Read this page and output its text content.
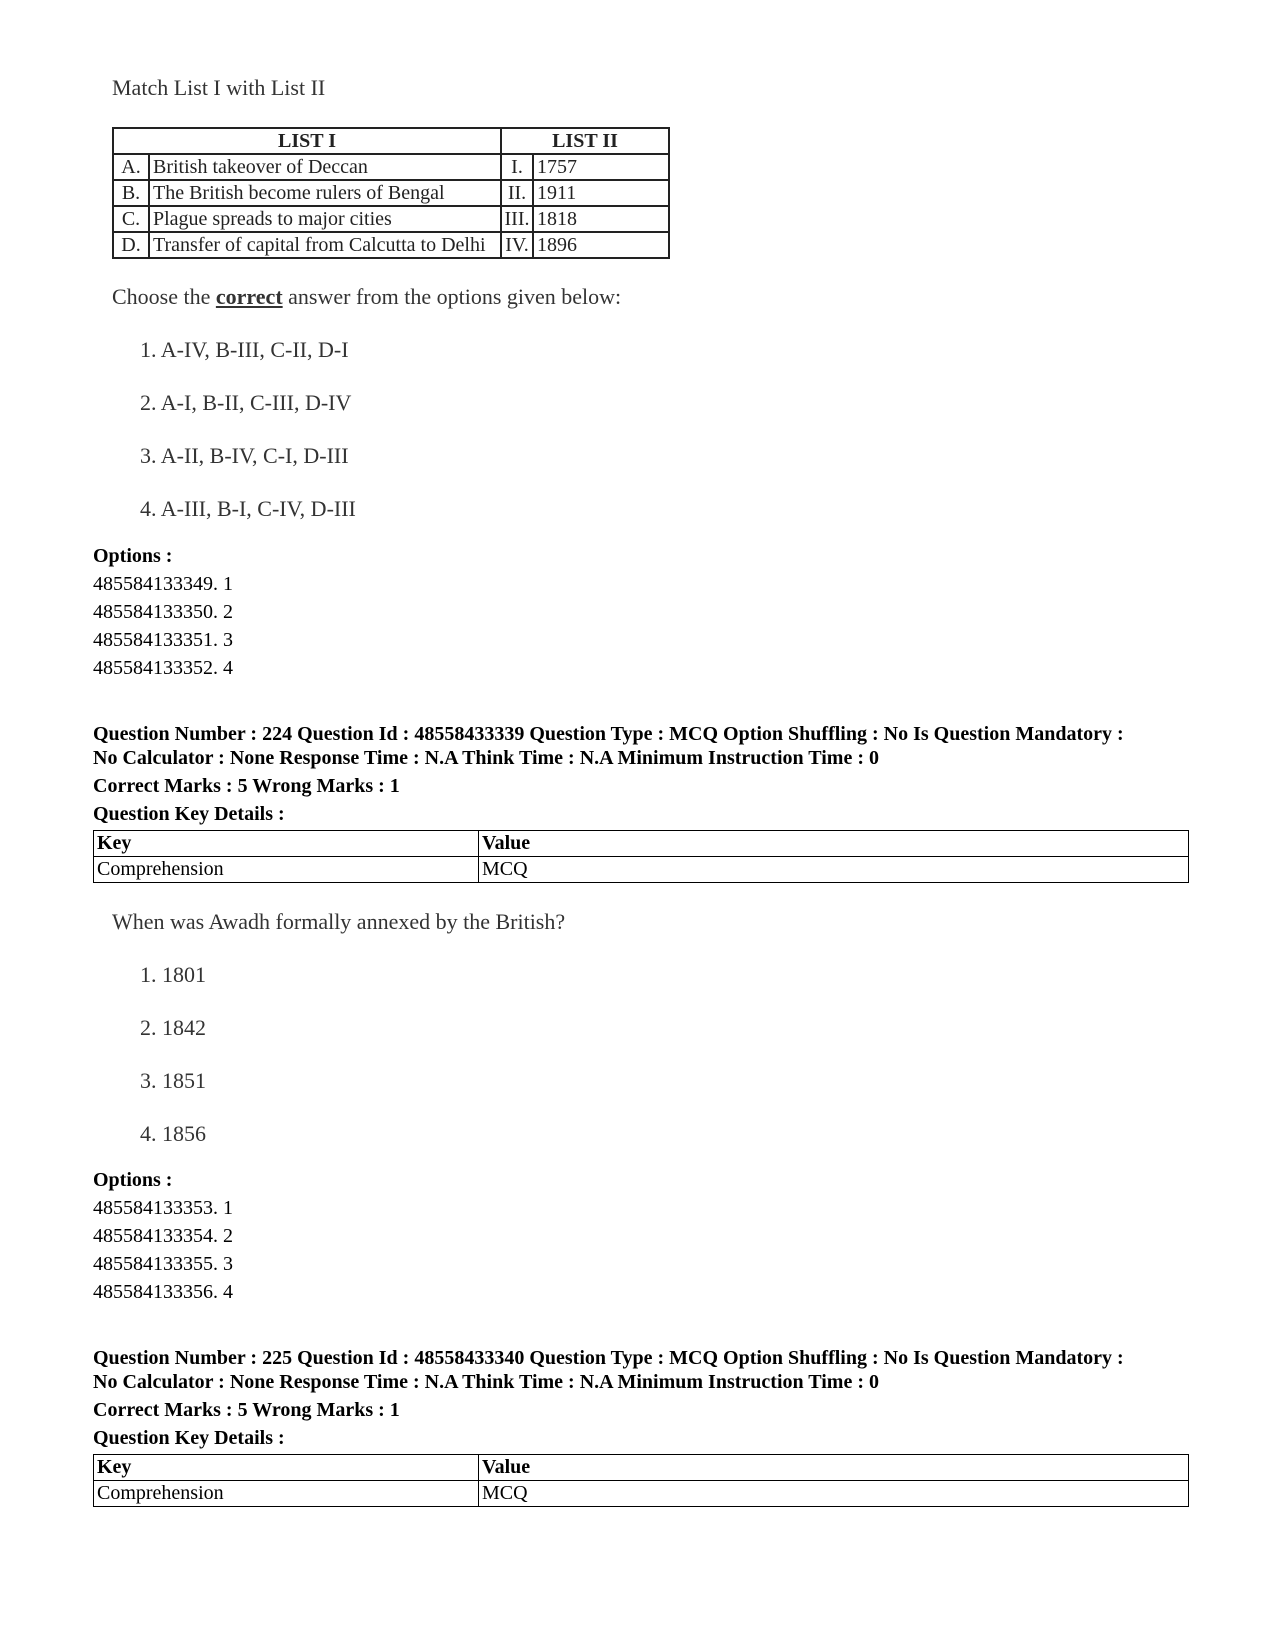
Match List I with List II
LIST I		LIST II	
A.	British takeover of Deccan	I.	1757
B.	The British become rulers of Bengal	II.	1911
C.	Plague spreads to major cities	III.	1818
D.	Transfer of capital from Calcutta to Delhi	IV.	1896
Choose the correct answer from the options given below:
1. A-IV, B-III, C-II, D-I
2. A-I, B-II, C-III, D-IV
3. A-II, B-IV, C-I, D-III
4. A-III, B-I, C-IV, D-III
Options :
485584133349. 1
485584133350. 2
485584133351. 3
485584133352. 4
Question Number : 224 Question Id : 48558433339 Question Type : MCQ Option Shuffling : No Is Question Mandatory :
No Calculator : None Response Time : N.A Think Time : N.A Minimum Instruction Time : 0
Correct Marks : 5 Wrong Marks : 1
Question Key Details :
Key	Value
Comprehension	MCQ
When was Awadh formally annexed by the British?
1. 1801
2. 1842
3. 1851
4. 1856
Options :
485584133353. 1
485584133354. 2
485584133355. 3
485584133356. 4
Question Number : 225 Question Id : 48558433340 Question Type : MCQ Option Shuffling : No Is Question Mandatory :
No Calculator : None Response Time : N.A Think Time : N.A Minimum Instruction Time : 0
Correct Marks : 5 Wrong Marks : 1
Question Key Details :
Key	Value
Comprehension	MCQ
